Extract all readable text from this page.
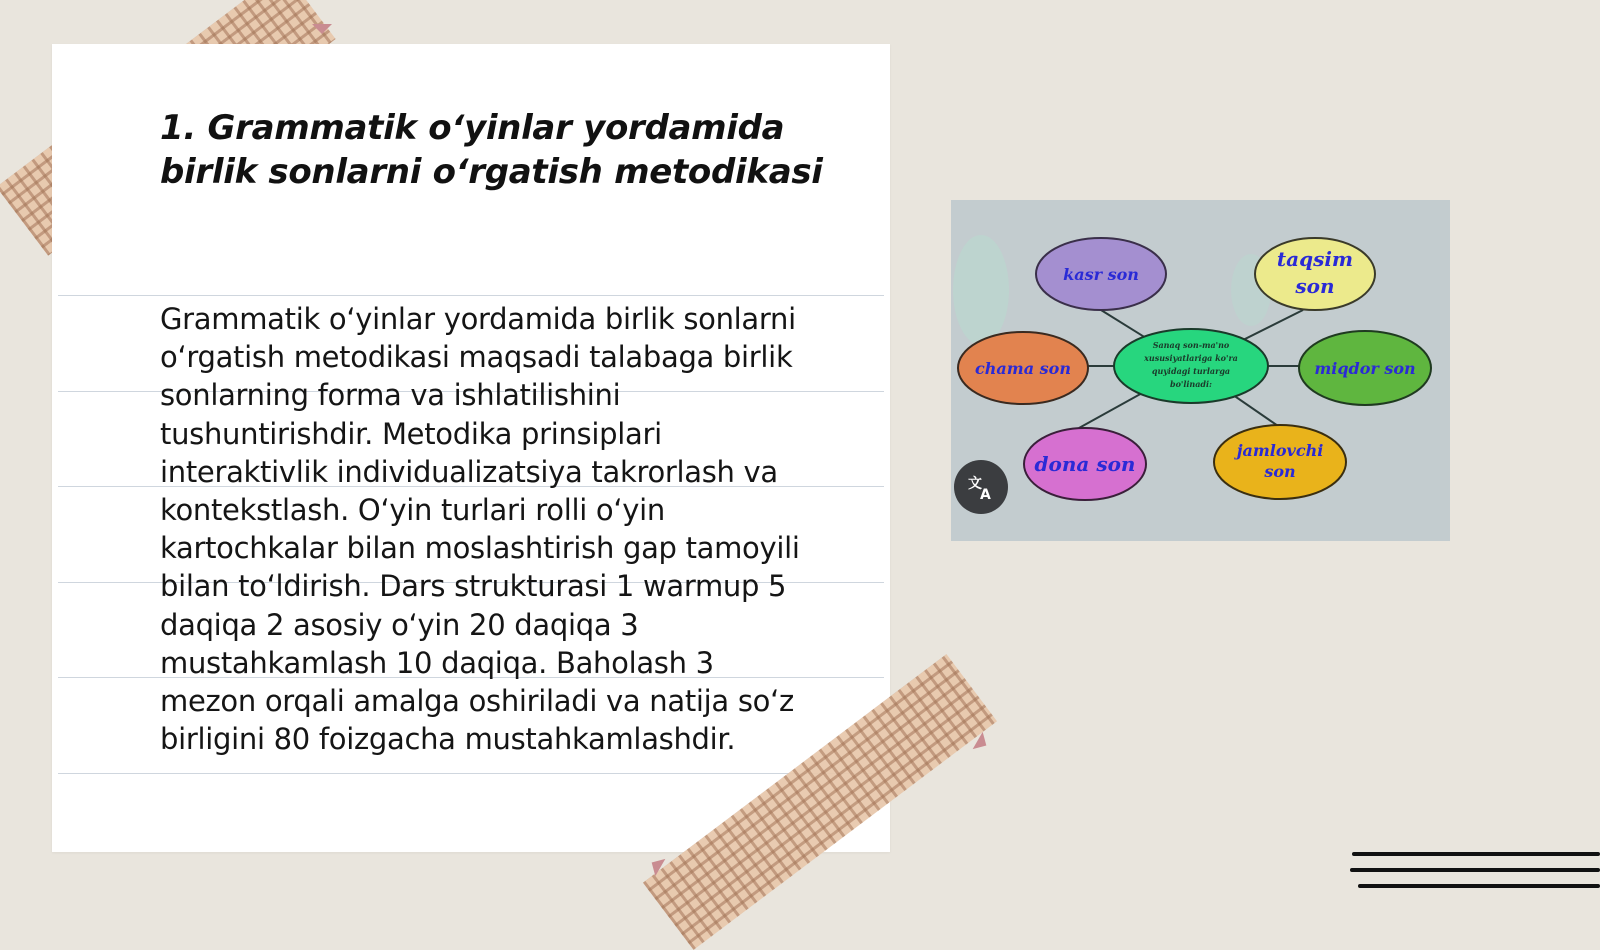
1. Grammatik o‘yinlar yordamida
birlik sonlarni o‘rgatish metodikasi

Grammatik o‘yinlar yordamida birlik sonlarni
o‘rgatish metodikasi maqsadi talabaga birlik
sonlarning forma va ishlatilishini
tushuntirishdir. Metodika prinsiplari
interaktivlik individualizatsiya takrorlash va
kontekstlash. O‘yin turlari rolli o‘yin
kartochkalar bilan moslashtirish gap tamoyili
bilan to‘ldirish. Dars strukturasi 1 warmup 5
daqiqa 2 asosiy o‘yin 20 daqiqa 3
mustahkamlash 10 daqiqa. Baholash 3
mezon orqali amalga oshiriladi va natija so‘z
birligini 80 foizgacha mustahkamlashdir.

kasr son
taqsim
son
chama son
Sanaq son-ma'no
xususiyatlariga ko'ra
quyidagi turlarga
bo'linadi:
miqdor son
dona son
jamlovchi
son
文
A
